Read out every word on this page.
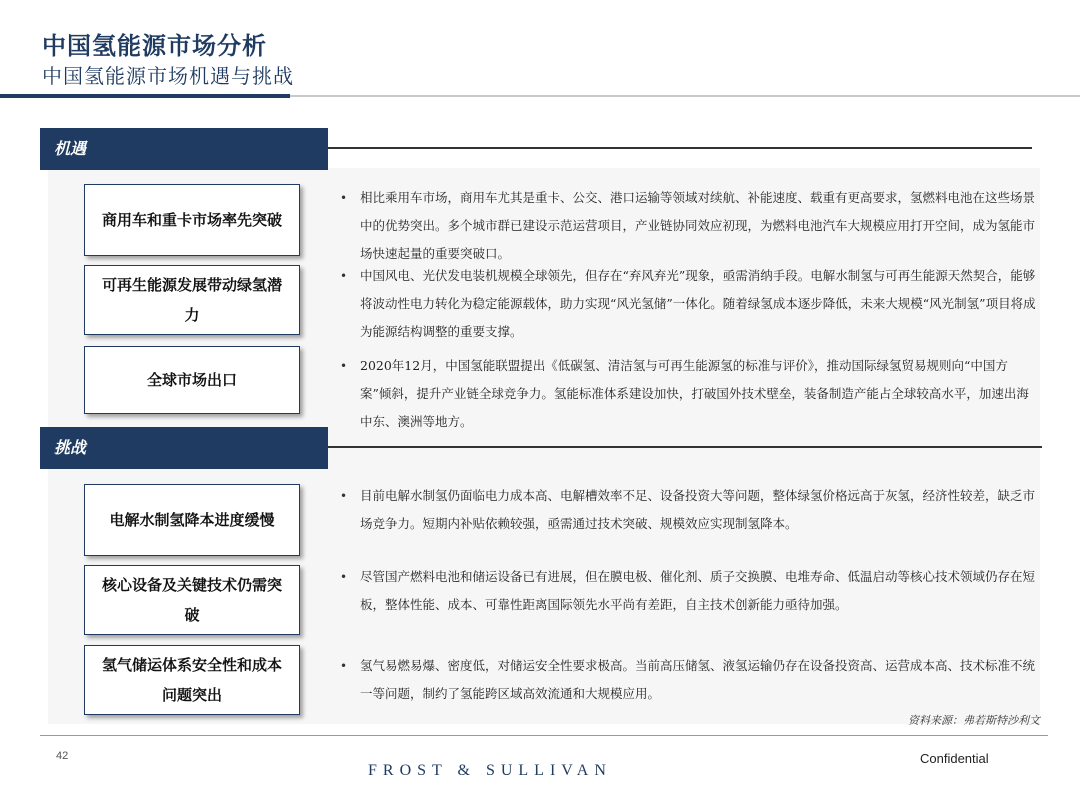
中国氢能源市场分析
中国氢能源市场机遇与挑战
机遇
商用车和重卡市场率先突破
• 相比乘用车市场，商用车尤其是重卡、公交、港口运输等领域对续航、补能速度、载重有更高要求，氢燃料电池在这些场景中的优势突出。多个城市群已建设示范运营项目，产业链协同效应初现，为燃料电池汽车大规模应用打开空间，成为氢能市场快速起量的重要突破口。
可再生能源发展带动绿氢潜力
• 中国风电、光伏发电装机规模全球领先，但存在“弃风弃光”现象，亟需消纳手段。电解水制氢与可再生能源天然契合，能够将波动性电力转化为稳定能源载体，助力实现“风光氢储”一体化。随着绿氢成本逐步降低，未来大规模“风光制氢”项目将成为能源结构调整的重要支撑。
全球市场出口
• 2020年12月，中国氢能联盟提出《低碳氢、清洁氢与可再生能源氢的标准与评价》，推动国际绿氢贸易规则向“中国方案”倾斜，提升产业链全球竞争力。氢能标准体系建设加快，打破国外技术壁垒，装备制造产能占全球较高水平，加速出海中东、澳洲等地方。
挑战
电解水制氢降本进度缓慢
• 目前电解水制氢仍面临电力成本高、电解槽效率不足、设备投资大等问题，整体绿氢价格远高于灰氢，经济性较差，缺乏市场竞争力。短期内补贴依赖较强，亟需通过技术突破、规模效应实现制氢降本。
核心设备及关键技术仍需突破
• 尽管国产燃料电池和储运设备已有进展，但在膜电极、催化剂、质子交换膜、电堆寿命、低温启动等核心技术领域仍存在短板，整体性能、成本、可靠性距离国际领先水平尚有差距，自主技术创新能力亟待加强。
氢气储运体系安全性和成本问题突出
• 氢气易燃易爆、密度低，对储运安全性要求极高。当前高压储氢、液氢运输仍存在设备投资高、运营成本高、技术标准不统一等问题，制约了氢能跨区域高效流通和大规模应用。
资料来源：弗若斯特沙利文
42
FROST & SULLIVAN
Confidential
